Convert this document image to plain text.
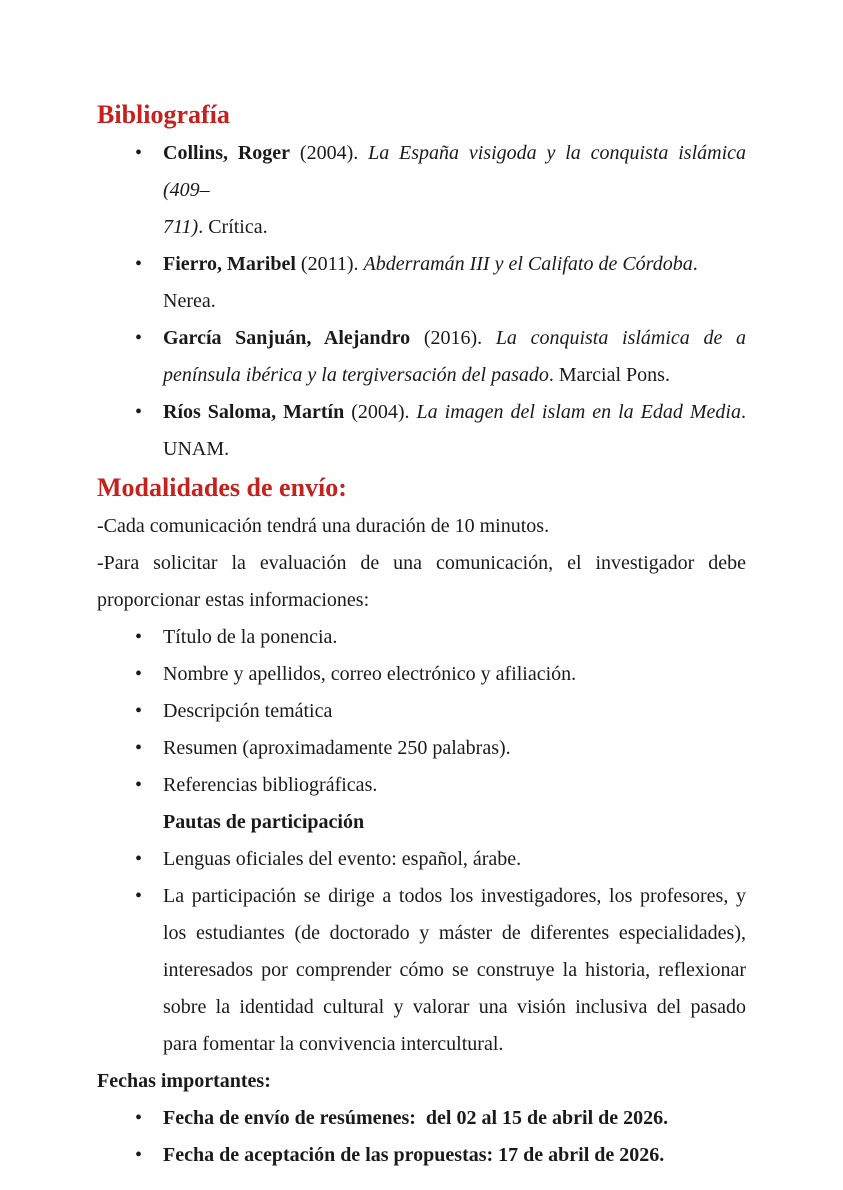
Bibliografía
• Collins, Roger (2004). La España visigoda y la conquista islámica (409–
711). Crítica.
• Fierro, Maribel (2011). Abderramán III y el Califato de Córdoba. Nerea.
• García Sanjuán, Alejandro (2016). La conquista islámica de a
península ibérica y la tergiversación del pasado. Marcial Pons.
• Ríos Saloma, Martín (2004). La imagen del islam en la Edad Media.
UNAM.
Modalidades de envío:
-Cada comunicación tendrá una duración de 10 minutos.
-Para solicitar la evaluación de una comunicación, el investigador debe
proporcionar estas informaciones:
• Título de la ponencia.
• Nombre y apellidos, correo electrónico y afiliación.
• Descripción temática
• Resumen (aproximadamente 250 palabras).
• Referencias bibliográficas.
Pautas de participación
• Lenguas oficiales del evento: español, árabe.
• La participación se dirige a todos los investigadores, los profesores, y
los estudiantes (de doctorado y máster de diferentes especialidades),
interesados por comprender cómo se construye la historia, reflexionar
sobre la identidad cultural y valorar una visión inclusiva del pasado
para fomentar la convivencia intercultural.
Fechas importantes:
• Fecha de envío de resúmenes:  del 02 al 15 de abril de 2026.
• Fecha de aceptación de las propuestas: 17 de abril de 2026.
